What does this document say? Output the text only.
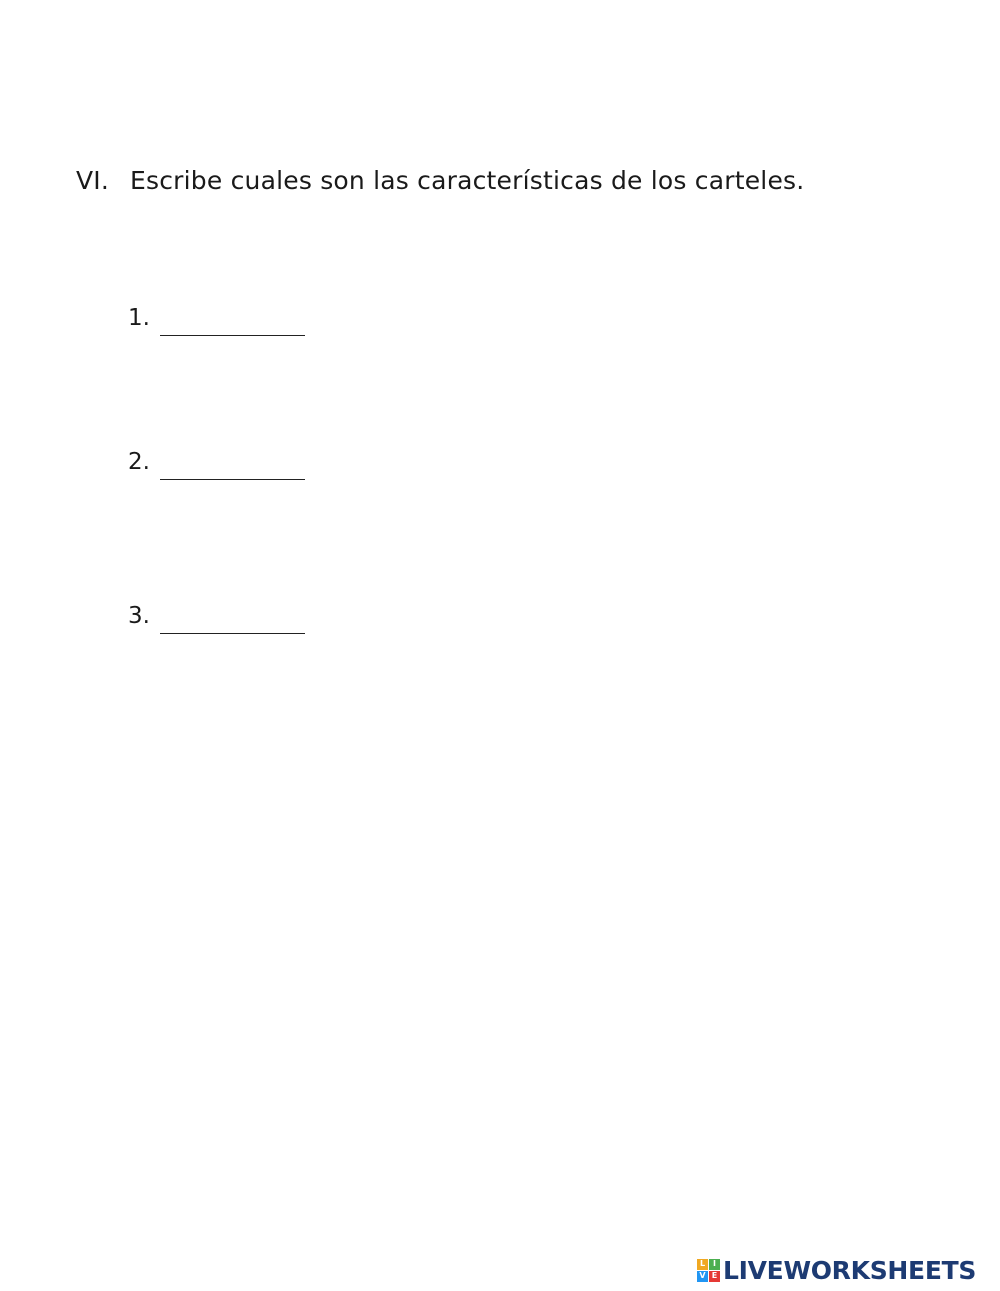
VI. Escribe cuales son las características de los carteles.
1.
2.
3.
L I
V E LIVEWORKSHEETS
